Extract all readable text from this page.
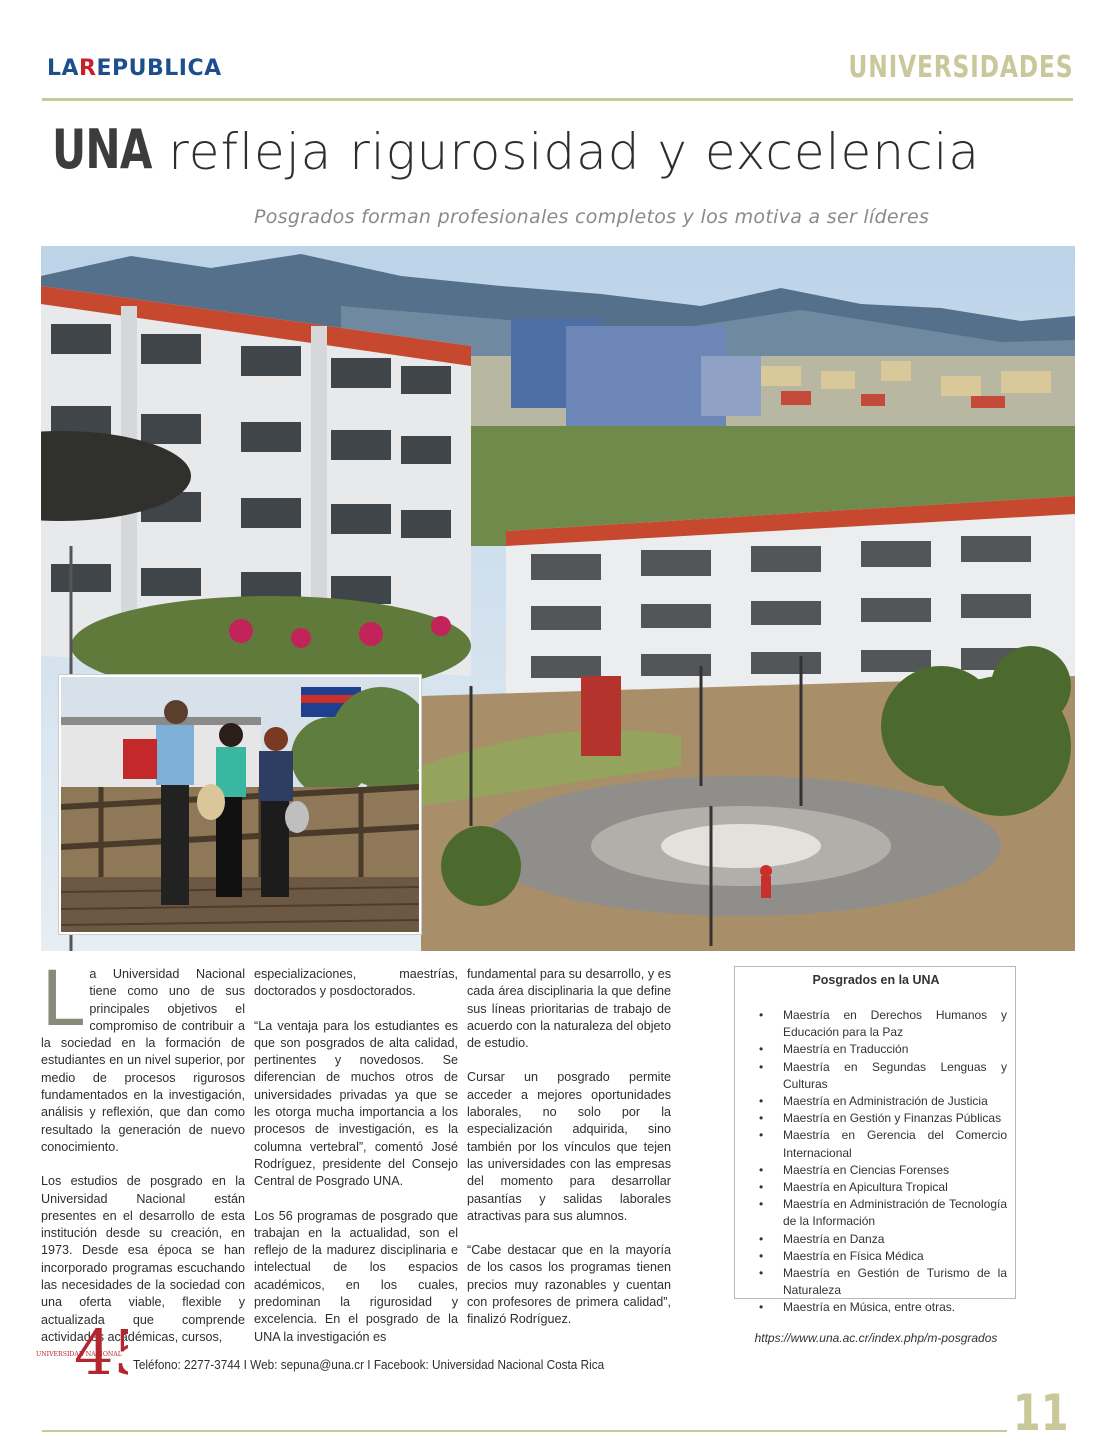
LAREPUBLICA	UNIVERSIDADES
UNA refleja rigurosidad y excelencia
Posgrados forman profesionales completos y los motiva a ser líderes

La Universidad Nacional tiene como uno de sus principales objetivos el compromiso de contribuir a la sociedad en la formación de estudiantes en un nivel superior, por medio de procesos rigurosos fundamentados en la investigación, análisis y reflexión, que dan como resultado la generación de nuevo conocimiento.

Los estudios de posgrado en la Universidad Nacional están presentes en el desarrollo de esta institución desde su creación, en 1973. Desde esa época se han incorporado programas escuchando las necesidades de la sociedad con una oferta viable, flexible y actualizada que comprende actividades académicas, cursos,

especializaciones, maestrías, doctorados y posdoctorados.

“La ventaja para los estudiantes es que son posgrados de alta calidad, pertinentes y novedosos. Se diferencian de muchos otros de universidades privadas ya que se les otorga mucha importancia a los procesos de investigación, es la columna vertebral”, comentó José Rodríguez, presidente del Consejo Central de Posgrado UNA.

Los 56 programas de posgrado que trabajan en la actualidad, son el reflejo de la madurez disciplinaria e intelectual de los espacios académicos, en los cuales, predominan la rigurosidad y excelencia. En el posgrado de la UNA la investigación es

fundamental para su desarrollo, y es cada área disciplinaria la que define sus líneas prioritarias de trabajo de acuerdo con la naturaleza del objeto de estudio.

Cursar un posgrado permite acceder a mejores oportunidades laborales, no solo por la especialización adquirida, sino también por los vínculos que tejen las universidades con las empresas del momento para desarrollar pasantías y salidas laborales atractivas para sus alumnos.

“Cabe destacar que en la mayoría de los casos los programas tienen precios muy razonables y cuentan con profesores de primera calidad”, finalizó Rodríguez.

Posgrados en la UNA
• Maestría en Derechos Humanos y Educación para la Paz
• Maestría en Traducción
• Maestría en Segundas Lenguas y Culturas
• Maestría en Administración de Justicia
• Maestría en Gestión y Finanzas Públicas
• Maestría en Gerencia del Comercio Internacional
• Maestría en Ciencias Forenses
• Maestría en Apicultura Tropical
• Maestría en Administración de Tecnología de la Información
• Maestría en Danza
• Maestría en Física Médica
• Maestría en Gestión de Turismo de la Naturaleza
• Maestría en Música, entre otras.
https://www.una.ac.cr/index.php/m-posgrados
4
UNIVERSIDAD NACIONAL
Teléfono: 2277-3744 I Web: sepuna@una.cr I Facebook: Universidad Nacional Costa Rica
11
